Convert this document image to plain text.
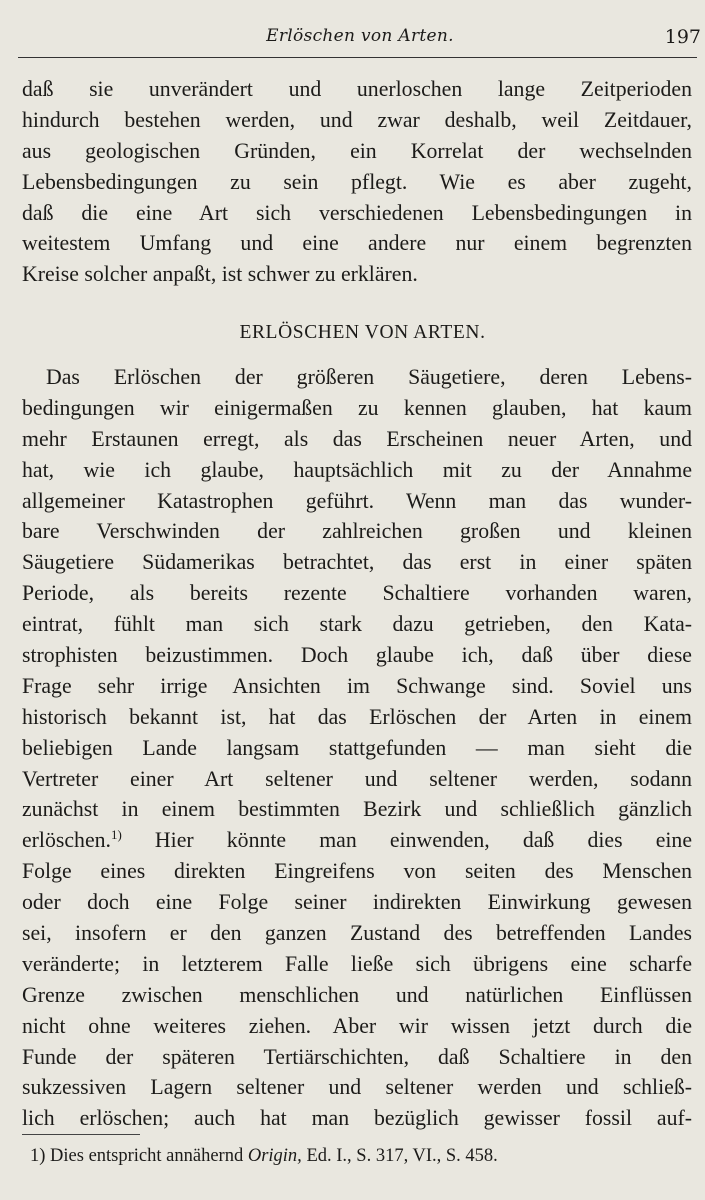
Erlöschen von Arten.	197
daß sie unverändert und unerloschen lange Zeitperioden
hindurch bestehen werden, und zwar deshalb, weil Zeitdauer,
aus geologischen Gründen, ein Korrelat der wechselnden
Lebensbedingungen zu sein pflegt. Wie es aber zugeht,
daß die eine Art sich verschiedenen Lebensbedingungen in
weitestem Umfang und eine andere nur einem begrenzten
Kreise solcher anpaßt, ist schwer zu erklären.
ERLÖSCHEN VON ARTEN.
Das Erlöschen der größeren Säugetiere, deren Lebens-
bedingungen wir einigermaßen zu kennen glauben, hat kaum
mehr Erstaunen erregt, als das Erscheinen neuer Arten, und
hat, wie ich glaube, hauptsächlich mit zu der Annahme
allgemeiner Katastrophen geführt. Wenn man das wunder-
bare Verschwinden der zahlreichen großen und kleinen
Säugetiere Südamerikas betrachtet, das erst in einer späten
Periode, als bereits rezente Schaltiere vorhanden waren,
eintrat, fühlt man sich stark dazu getrieben, den Kata-
strophisten beizustimmen. Doch glaube ich, daß über diese
Frage sehr irrige Ansichten im Schwange sind. Soviel uns
historisch bekannt ist, hat das Erlöschen der Arten in einem
beliebigen Lande langsam stattgefunden — man sieht die
Vertreter einer Art seltener und seltener werden, sodann
zunächst in einem bestimmten Bezirk und schließlich gänzlich
erlöschen.$^{1)}$ Hier könnte man einwenden, daß dies eine
Folge eines direkten Eingreifens von seiten des Menschen
oder doch eine Folge seiner indirekten Einwirkung gewesen
sei, insofern er den ganzen Zustand des betreffenden Landes
veränderte; in letzterem Falle ließe sich übrigens eine scharfe
Grenze zwischen menschlichen und natürlichen Einflüssen
nicht ohne weiteres ziehen. Aber wir wissen jetzt durch die
Funde der späteren Tertiärschichten, daß Schaltiere in den
sukzessiven Lagern seltener und seltener werden und schließ-
lich erlöschen; auch hat man bezüglich gewisser fossil auf-
1) Dies entspricht annähernd Origin, Ed. I., S. 317, VI., S. 458.
